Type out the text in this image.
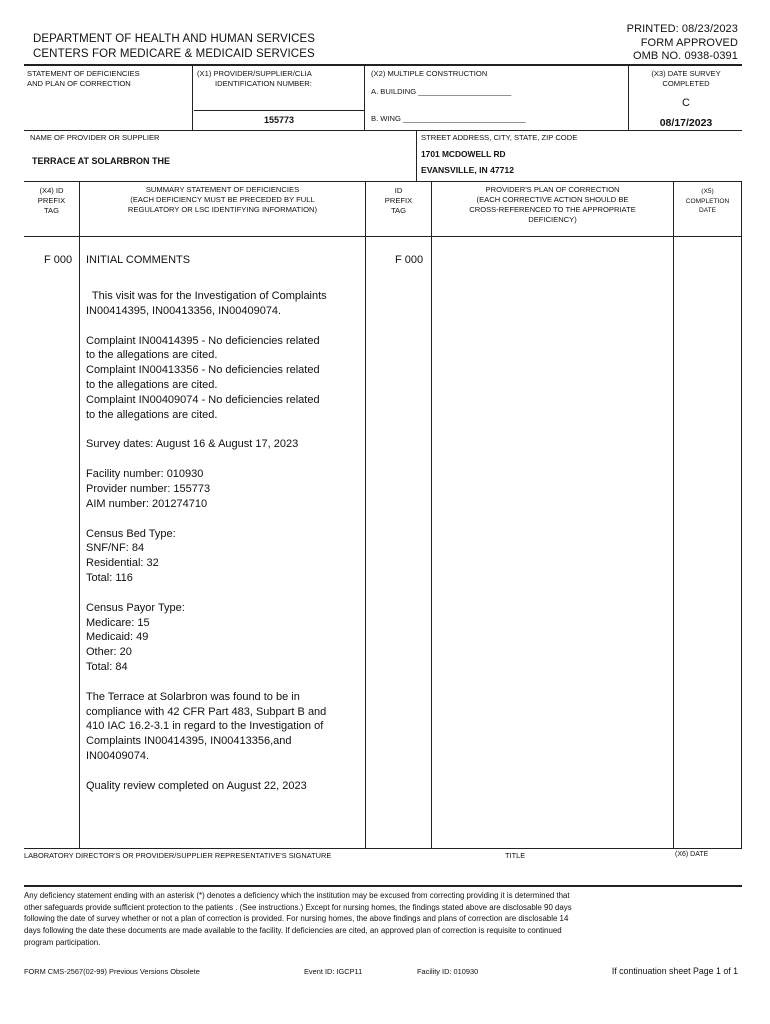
DEPARTMENT OF HEALTH AND HUMAN SERVICES
CENTERS FOR MEDICARE & MEDICAID SERVICES
PRINTED: 08/23/2023
FORM APPROVED
OMB NO. 0938-0391
STATEMENT OF DEFICIENCIES
AND PLAN OF CORRECTION
(X1) PROVIDER/SUPPLIER/CLIA
IDENTIFICATION NUMBER:
155773
(X2) MULTIPLE CONSTRUCTION
A. BUILDING ______________________
B. WING _____________________________
(X3) DATE SURVEY
COMPLETED
C
08/17/2023
NAME OF PROVIDER OR SUPPLIER
TERRACE AT SOLARBRON THE
STREET ADDRESS, CITY, STATE, ZIP CODE
1701 MCDOWELL RD
EVANSVILLE, IN 47712
(X4) ID
PREFIX
TAG
SUMMARY STATEMENT OF DEFICIENCIES
(EACH DEFICIENCY MUST BE PRECEDED BY FULL
REGULATORY OR LSC IDENTIFYING INFORMATION)
ID
PREFIX
TAG
PROVIDER'S PLAN OF CORRECTION
(EACH CORRECTIVE ACTION SHOULD BE
CROSS-REFERENCED TO THE APPROPRIATE
DEFICIENCY)
(X5)
COMPLETION
DATE
F 000 INITIAL COMMENTS	F 000

This visit was for the Investigation of Complaints
IN00414395, IN00413356, IN00409074.

Complaint IN00414395 - No deficiencies related
to the allegations are cited.
Complaint IN00413356 - No deficiencies related
to the allegations are cited.
Complaint IN00409074 - No deficiencies related
to the allegations are cited.

Survey dates: August 16 & August 17, 2023

Facility number: 010930
Provider number: 155773
AIM number: 201274710

Census Bed Type:
SNF/NF: 84
Residential: 32
Total: 116

Census Payor Type:
Medicare: 15
Medicaid: 49
Other: 20
Total: 84

The Terrace at Solarbron was found to be in
compliance with 42 CFR Part 483, Subpart B and
410 IAC 16.2-3.1 in regard to the Investigation of
Complaints IN00414395, IN00413356,and
IN00409074.

Quality review completed on August 22, 2023

LABORATORY DIRECTOR'S OR PROVIDER/SUPPLIER REPRESENTATIVE'S SIGNATURE	TITLE	(X6) DATE
Any deficiency statement ending with an asterisk (*) denotes a deficiency which the institution may be excused from correcting providing it is determined that
other safeguards provide sufficient protection to the patients . (See instructions.) Except for nursing homes, the findings stated above are disclosable 90 days
following the date of survey whether or not a plan of correction is provided. For nursing homes, the above findings and plans of correction are disclosable 14
days following the date these documents are made available to the facility. If deficiencies are cited, an approved plan of correction is requisite to continued
program participation.
FORM CMS-2567(02-99) Previous Versions Obsolete	Event ID: IGCP11	Facility ID: 010930	If continuation sheet Page 1 of 1
